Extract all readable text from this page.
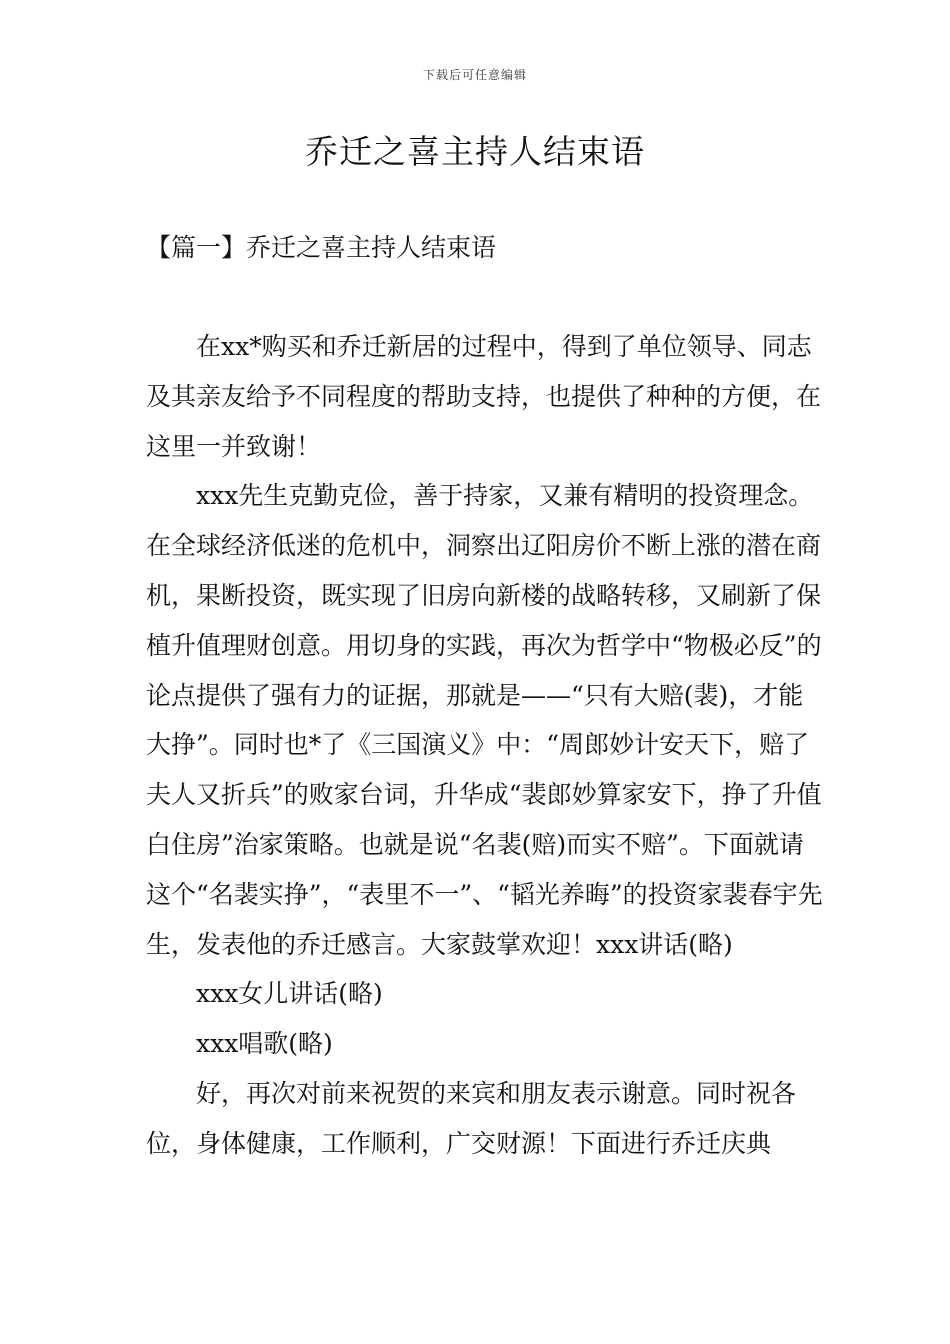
下载后可任意编辑
乔迁之喜主持人结束语
【篇一】乔迁之喜主持人结束语

在xx*购买和乔迁新居的过程中，得到了单位领导、同志及其亲友给予不同程度的帮助支持，也提供了种种的方便，在这里一并致谢！

xxx先生克勤克俭，善于持家，又兼有精明的投资理念。在全球经济低迷的危机中，洞察出辽阳房价不断上涨的潜在商机，果断投资，既实现了旧房向新楼的战略转移，又刷新了保植升值理财创意。用切身的实践，再次为哲学中“物极必反”的论点提供了强有力的证据，那就是——“只有大赔(裴)，才能大挣”。同时也*了《三国演义》中：“周郎妙计安天下，赔了夫人又折兵”的败家台词，升华成“裴郎妙算家安下，挣了升值白住房”治家策略。也就是说“名裴(赔)而实不赔”。下面就请这个“名裴实挣”，“表里不一”、“韬光养晦”的投资家裴春宇先生，发表他的乔迁感言。大家鼓掌欢迎！xxx讲话(略)

xxx女儿讲话(略)

xxx唱歌(略)

好，再次对前来祝贺的来宾和朋友表示谢意。同时祝各位，身体健康，工作顺利，广交财源！下面进行乔迁庆典
